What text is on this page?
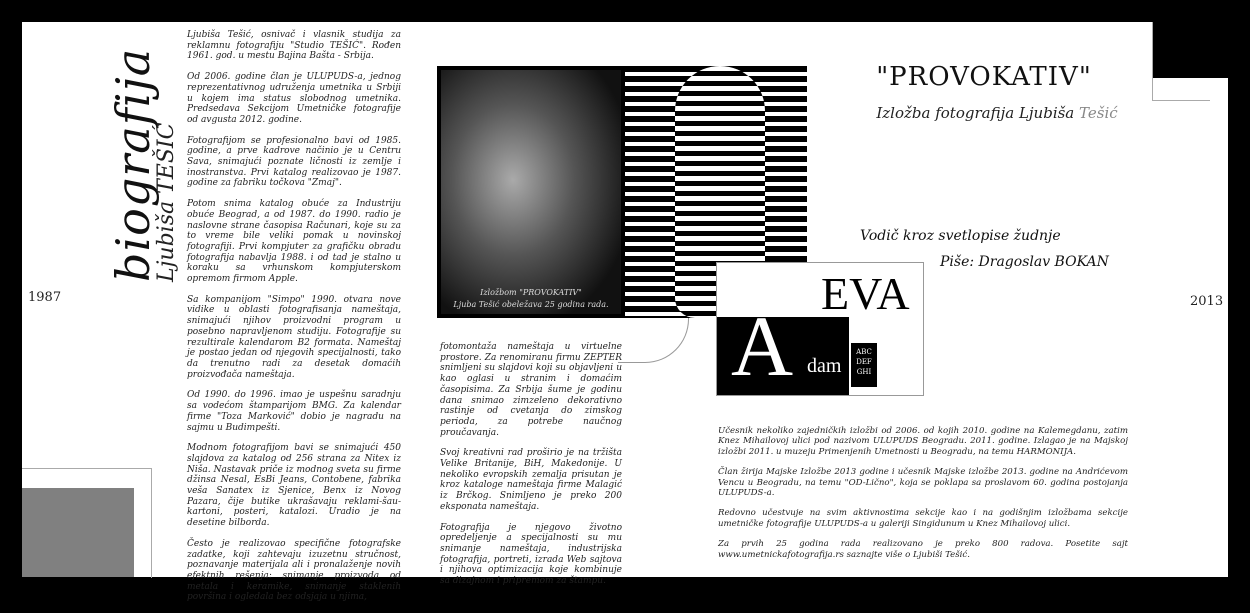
1987	2013
biografija
Ljubiša TEŠIĆ

Ljubiša Tešić, osnivač i vlasnik studija za reklamnu fotografiju "Studio TEŠIĆ". Rođen 1961. god. u mestu Bajina Bašta - Srbija.

Od 2006. godine član je ULUPUDS-a, jednog reprezentativnog udruženja umetnika u Srbiji u kojem ima status slobodnog umetnika. Predsedava Sekcijom Umetničke fotografije od avgusta 2012. godine.

Fotografijom se profesionalno bavi od 1985. godine, a prve kadrove načinio je u Centru Sava, snimajući poznate ličnosti iz zemlje i inostranstva. Prvi katalog realizovao je 1987. godine za fabriku točkova "Zmaj".

Potom snima katalog obuće za Industriju obuće Beograd, a od 1987. do 1990. radio je naslovne strane časopisa Računari, koje su za to vreme bile veliki pomak u novinskoj fotografiji. Prvi kompjuter za grafičku obradu fotografija nabavlja 1988. i od tad je stalno u koraku sa vrhunskom kompjuterskom opremom firmom Apple.

Sa kompanijom "Simpo" 1990. otvara nove vidike u oblasti fotografisanja nameštaja, snimajući njihov proizvodni program u posebno napravljenom studiju. Fotografije su rezultirale kalendarom B2 formata. Nameštaj je postao jedan od njegovih specijalnosti, tako da trenutno radi za desetak domaćih proizvođača nameštaja.

Od 1990. do 1996. imao je uspešnu saradnju sa vodećom štamparijom BMG. Za kalendar firme "Toza Marković" dobio je nagradu na sajmu u Budimpešti.

Modnom fotografijom bavi se snimajući 450 slajdova za katalog od 256 strana za Nitex iz Niša. Nastavak priče iz modnog sveta su firme džinsa Nesal, EsBi Jeans, Contobene, fabrika veša Sanatex iz Sjenice, Benx iz Novog Pazara, čije butike ukrašavaju reklami-šau-kartoni, posteri, katalozi. Uradio je na desetine bilborda.

Često je realizovao specifične fotografske zadatke, koji zahtevaju izuzetnu stručnost, poznavanje materijala ali i pronalaženje novih efektnih rešenja: snimanje proizvoda od metala i keramike, snimanje staklenih površina i ogledala bez odsjaja u njima,

fotomontaža nameštaja u virtuelne prostore. Za renomiranu firmu ZEPTER snimljeni su slajdovi koji su objavljeni u kao oglasi u stranim i domaćim časopisima. Za Srbija šume je godinu dana snimao zimzeleno dekorativno rastinje od cvetanja do zimskog perioda, za potrebe naučnog proučavanja.

Svoj kreativni rad proširio je na tržišta Velike Britanije, BiH, Makedonije. U nekoliko evropskih zemalja prisutan je kroz kataloge nameštaja firme Malagić iz Brčkog. Snimljeno je preko 200 eksponata nameštaja.

Fotografija je njegovo životno opredeljenje a specijalnosti su mu snimanje nameštaja, industrijska fotografija, portreti, izrada Web sajtova i njihova optimizacija koje kombinuje sa dizajnom i pripremom za štampu.

Učesnik nekoliko zajedničkih izložbi od 2006. od kojih 2010. godine na Kalemegdanu, zatim Knez Mihailovoj ulici pod nazivom ULUPUDS Beogradu. 2011. godine. Izlagao je na Majskoj izložbi 2011. u muzeju Primenjenih Umetnosti u Beogradu, na temu HARMONIJA.

Član žirija Majske Izložbe 2013 godine i učesnik Majske izložbe 2013. godine na Andrićevom Vencu u Beogradu, na temu "OD-Lično", koja se poklapa sa proslavom 60. godina postojanja ULUPUDS-a.

Redovno učestvuje na svim aktivnostima sekcije kao i na godišnjim izložbama sekcije umetničke fotografije ULUPUDS-a u galeriji Singidunum u Knez Mihailovoj ulici.

Za prvih 25 godina rada realizovano je preko 800 radova. Posetite sajt www.umetnickafotografija.rs saznajte više o Ljubiši Tešić.

"PROVOKATIV"
Izložba fotografija Ljubiša Tešić
Vodič kroz svetlopise žudnje
Piše: Dragoslav BOKAN
Izložbom "PROVOKATIV"
Ljuba Tešić obeležava 25 godina rada.	EVA
A dam
ABC DEF GHI
